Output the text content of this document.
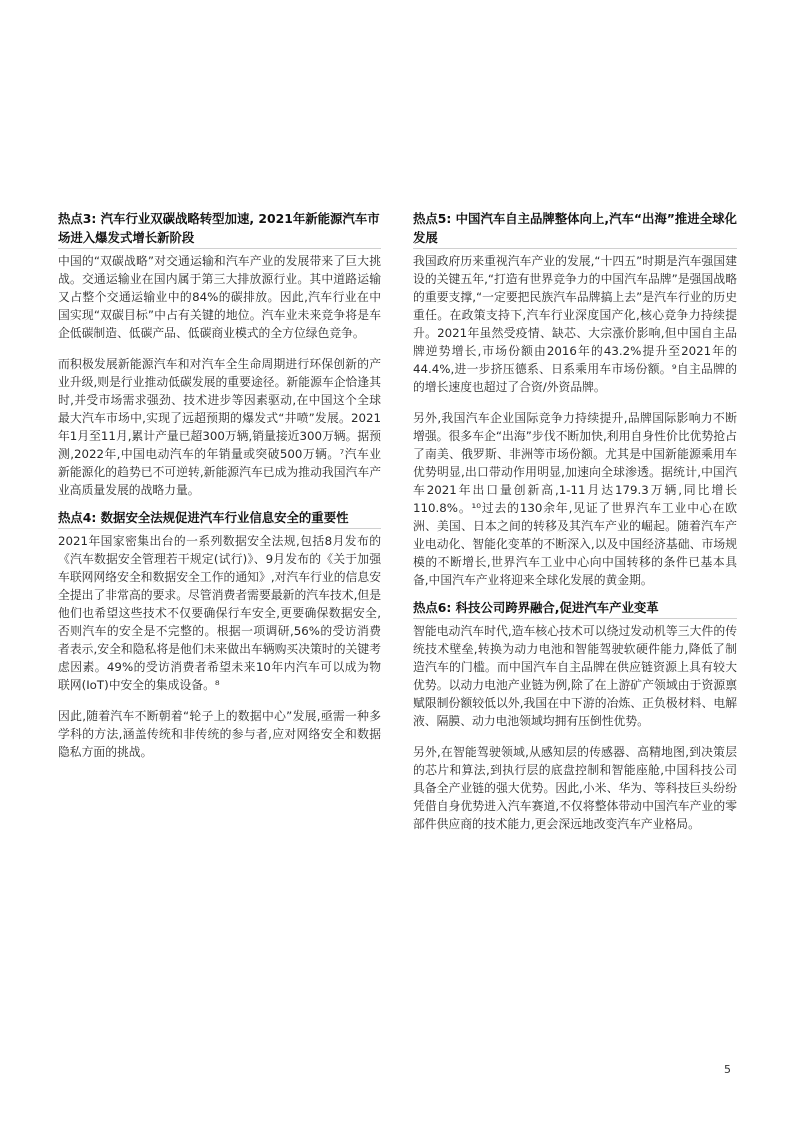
热点3: 汽车行业双碳战略转型加速, 2021年新能源汽车市场进入爆发式增长新阶段

中国的“双碳战略”对交通运输和汽车产业的发展带来了巨大挑战。交通运输业在国内属于第三大排放源行业。其中道路运输又占整个交通运输业中的84%的碳排放。因此,汽车行业在中国实现“双碳目标”中占有关键的地位。汽车业未来竞争将是车企低碳制造、低碳产品、低碳商业模式的全方位绿色竞争。

而积极发展新能源汽车和对汽车全生命周期进行环保创新的产业升级,则是行业推动低碳发展的重要途径。新能源车企恰逢其时,并受市场需求强劲、技术进步等因素驱动,在中国这个全球最大汽车市场中,实现了远超预期的爆发式“井喷”发展。2021年1月至11月,累计产量已超300万辆,销量接近300万辆。据预测,2022年,中国电动汽车的年销量或突破500万辆。⁷汽车业新能源化的趋势已不可逆转,新能源汽车已成为推动我国汽车产业高质量发展的战略力量。

热点4: 数据安全法规促进汽车行业信息安全的重要性

2021年国家密集出台的一系列数据安全法规,包括8月发布的《汽车数据安全管理若干规定(试行)》、9月发布的《关于加强车联网网络安全和数据安全工作的通知》,对汽车行业的信息安全提出了非常高的要求。尽管消费者需要最新的汽车技术,但是他们也希望这些技术不仅要确保行车安全,更要确保数据安全,否则汽车的安全是不完整的。根据一项调研,56%的受访消费者表示,安全和隐私将是他们未来做出车辆购买决策时的关键考虑因素。49%的受访消费者希望未来10年内汽车可以成为物联网(IoT)中安全的集成设备。⁸

因此,随着汽车不断朝着“轮子上的数据中心”发展,亟需一种多学科的方法,涵盖传统和非传统的参与者,应对网络安全和数据隐私方面的挑战。

热点5: 中国汽车自主品牌整体向上,汽车“出海”推进全球化发展

我国政府历来重视汽车产业的发展,“十四五”时期是汽车强国建设的关键五年,“打造有世界竞争力的中国汽车品牌”是强国战略的重要支撑,“一定要把民族汽车品牌搞上去”是汽车行业的历史重任。在政策支持下,汽车行业深度国产化,核心竞争力持续提升。2021年虽然受疫情、缺芯、大宗涨价影响,但中国自主品牌逆势增长,市场份额由2016年的43.2%提升至2021年的44.4%,进一步挤压德系、日系乘用车市场份额。⁹自主品牌的的增长速度也超过了合资/外资品牌。

另外,我国汽车企业国际竞争力持续提升,品牌国际影响力不断增强。很多车企“出海”步伐不断加快,利用自身性价比优势抢占了南美、俄罗斯、非洲等市场份额。尤其是中国新能源乘用车优势明显,出口带动作用明显,加速向全球渗透。据统计,中国汽车2021年出口量创新高,1-11月达179.3万辆,同比增长110.8%。¹⁰过去的130余年,见证了世界汽车工业中心在欧洲、美国、日本之间的转移及其汽车产业的崛起。随着汽车产业电动化、智能化变革的不断深入,以及中国经济基础、市场规模的不断增长,世界汽车工业中心向中国转移的条件已基本具备,中国汽车产业将迎来全球化发展的黄金期。

热点6: 科技公司跨界融合,促进汽车产业变革

智能电动汽车时代,造车核心技术可以绕过发动机等三大件的传统技术壁垒,转换为动力电池和智能驾驶软硬件能力,降低了制造汽车的门槛。而中国汽车自主品牌在供应链资源上具有较大优势。以动力电池产业链为例,除了在上游矿产领域由于资源禀赋限制份额较低以外,我国在中下游的冶炼、正负极材料、电解液、隔膜、动力电池领域均拥有压倒性优势。

另外,在智能驾驶领域,从感知层的传感器、高精地图,到决策层的芯片和算法,到执行层的底盘控制和智能座舱,中国科技公司具备全产业链的强大优势。因此,小米、华为、等科技巨头纷纷凭借自身优势进入汽车赛道,不仅将整体带动中国汽车产业的零部件供应商的技术能力,更会深远地改变汽车产业格局。

5
